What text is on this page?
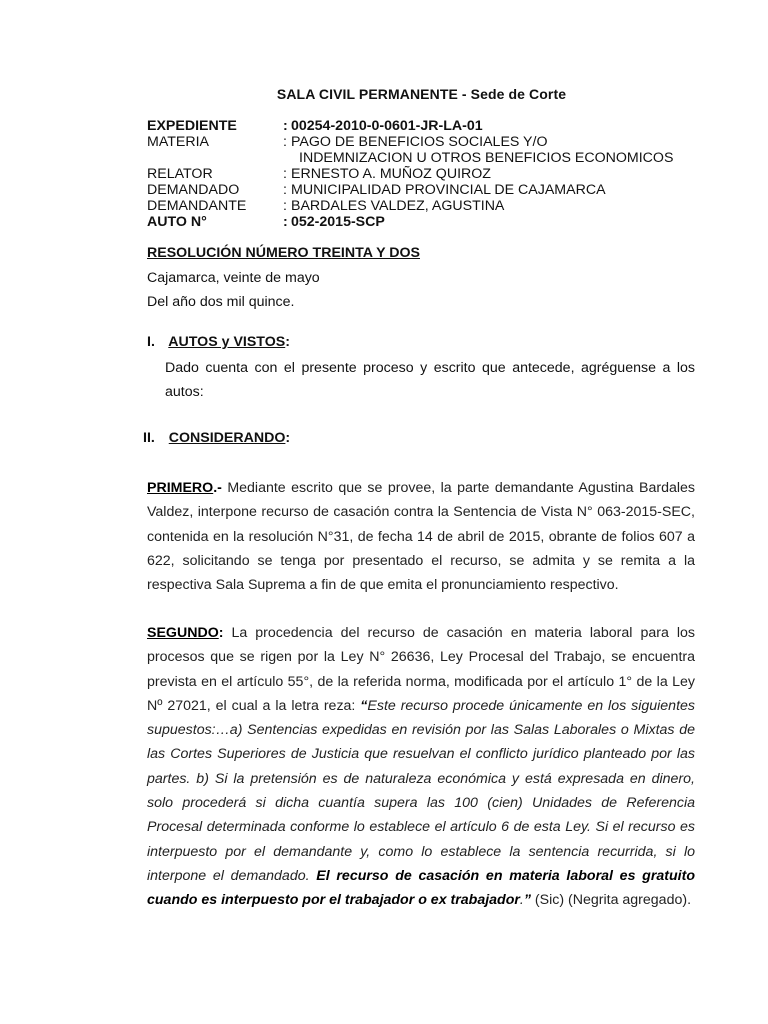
SALA CIVIL PERMANENTE - Sede de Corte
EXPEDIENTE	: 00254-2010-0-0601-JR-LA-01
MATERIA	: PAGO DE BENEFICIOS SOCIALES Y/O
INDEMNIZACION U OTROS BENEFICIOS ECONOMICOS
RELATOR	: ERNESTO A. MUÑOZ QUIROZ
DEMANDADO	: MUNICIPALIDAD PROVINCIAL DE CAJAMARCA
DEMANDANTE	: BARDALES VALDEZ, AGUSTINA
AUTO N°	: 052-2015-SCP
RESOLUCIÓN NÚMERO TREINTA Y DOS
Cajamarca, veinte de mayo
Del año dos mil quince.
I. AUTOS y VISTOS:
Dado cuenta con el presente proceso y escrito que antecede, agréguense a los autos:
II. CONSIDERANDO:
PRIMERO.- Mediante escrito que se provee, la parte demandante Agustina Bardales Valdez, interpone recurso de casación contra la Sentencia de Vista N° 063-2015-SEC, contenida en la resolución N°31, de fecha 14 de abril de 2015, obrante de folios 607 a 622, solicitando se tenga por presentado el recurso, se admita y se remita a la respectiva Sala Suprema a fin de que emita el pronunciamiento respectivo.
SEGUNDO: La procedencia del recurso de casación en materia laboral para los procesos que se rigen por la Ley N° 26636, Ley Procesal del Trabajo, se encuentra prevista en el artículo 55°, de la referida norma, modificada por el artículo 1° de la Ley Nº 27021, el cual a la letra reza: “Este recurso procede únicamente en los siguientes supuestos:…a) Sentencias expedidas en revisión por las Salas Laborales o Mixtas de las Cortes Superiores de Justicia que resuelvan el conflicto jurídico planteado por las partes. b) Si la pretensión es de naturaleza económica y está expresada en dinero, solo procederá si dicha cuantía supera las 100 (cien) Unidades de Referencia Procesal determinada conforme lo establece el artículo 6 de esta Ley. Si el recurso es interpuesto por el demandante y, como lo establece la sentencia recurrida, si lo interpone el demandado. El recurso de casación en materia laboral es gratuito cuando es interpuesto por el trabajador o ex trabajador.” (Sic) (Negrita agregado).
